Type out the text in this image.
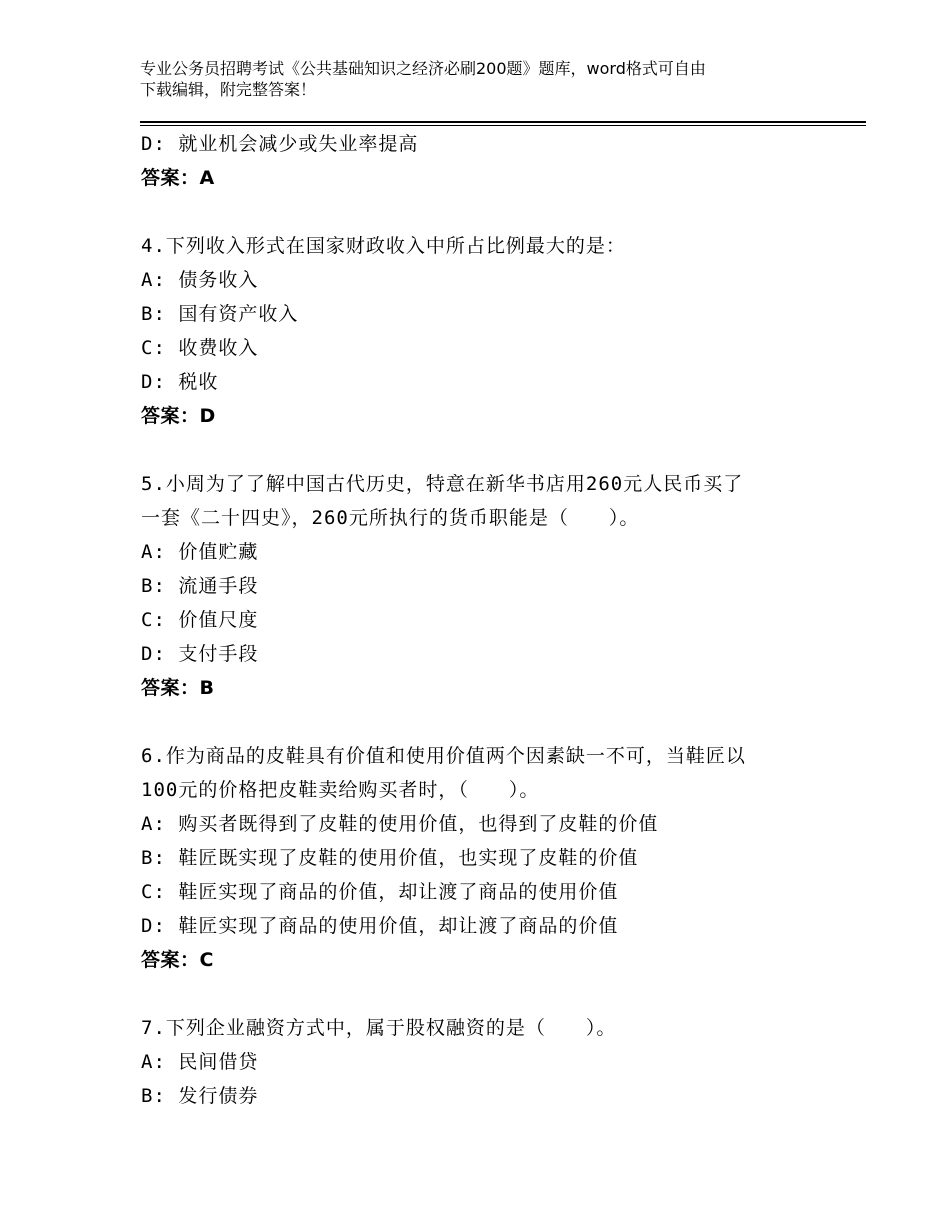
专业公务员招聘考试《公共基础知识之经济必刷200题》题库，word格式可自由
下载编辑，附完整答案！
D: 就业机会减少或失业率提高
答案：A
4.下列收入形式在国家财政收入中所占比例最大的是：
A: 债务收入
B: 国有资产收入
C: 收费收入
D: 税收
答案：D
5.小周为了了解中国古代历史，特意在新华书店用260元人民币买了
一套《二十四史》，260元所执行的货币职能是（　　）。
A: 价值贮藏
B: 流通手段
C: 价值尺度
D: 支付手段
答案：B
6.作为商品的皮鞋具有价值和使用价值两个因素缺一不可，当鞋匠以
100元的价格把皮鞋卖给购买者时，（　　）。
A: 购买者既得到了皮鞋的使用价值，也得到了皮鞋的价值
B: 鞋匠既实现了皮鞋的使用价值，也实现了皮鞋的价值
C: 鞋匠实现了商品的价值，却让渡了商品的使用价值
D: 鞋匠实现了商品的使用价值，却让渡了商品的价值
答案：C
7.下列企业融资方式中，属于股权融资的是（　　）。
A: 民间借贷
B: 发行债券
